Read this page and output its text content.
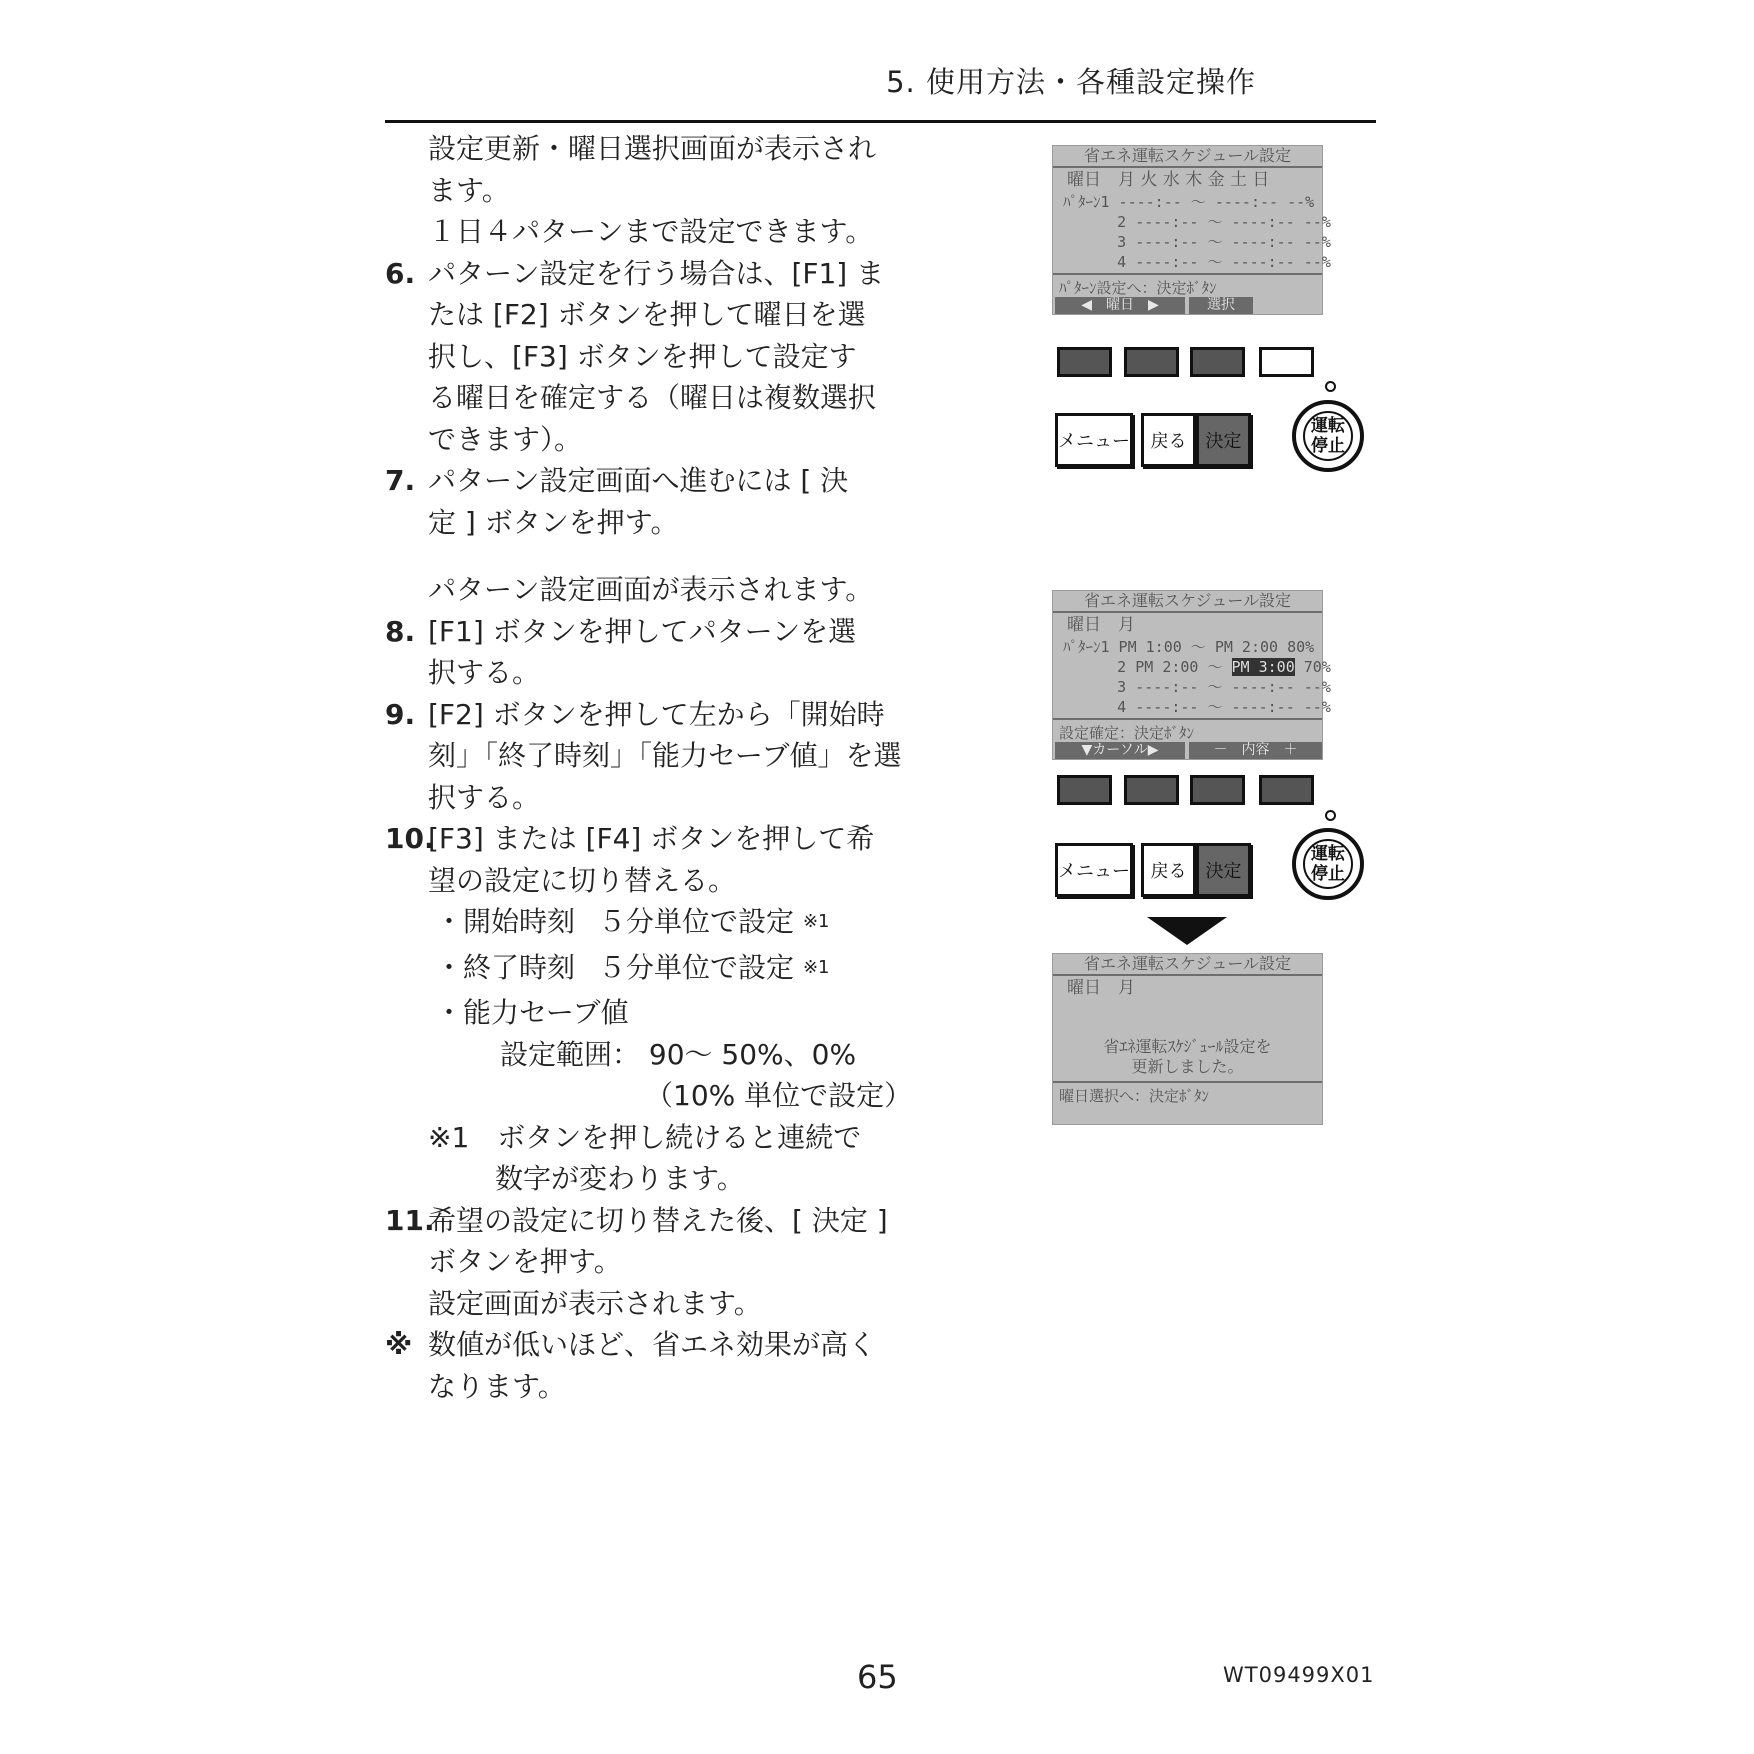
5. 使用方法・各種設定操作
設定更新・曜日選択画面が表示され
ます。
１日４パターンまで設定できます。
6. パターン設定を行う場合は、[F1] ま
たは [F2] ボタンを押して曜日を選
択し、[F3] ボタンを押して設定す
る曜日を確定する（曜日は複数選択
できます）。
7. パターン設定画面へ進むには [ 決
定 ] ボタンを押す。
パターン設定画面が表示されます。
8. [F1] ボタンを押してパターンを選
択する。
9. [F2] ボタンを押して左から「開始時
刻」「終了時刻」「能力セーブ値」を選
択する。
10.[F3] または [F4] ボタンを押して希
望の設定に切り替える。
・開始時刻 ５分単位で設定 $^{※1}$
・終了時刻 ５分単位で設定 $^{※1}$
・能力セーブ値
設定範囲： 90～ 50%、0%
（10% 単位で設定）
※1　ボタンを押し続けると連続で
数字が変わります。
11.希望の設定に切り替えた後、[ 決定 ]
ボタンを押す。
設定画面が表示されます。
※ 数値が低いほど、省エネ効果が高く
なります。
省エネ運転スケジュール設定
曜日　月 火 水 木 金 土 日
ﾊﾟﾀｰﾝ1 ----:-- ～ ----:-- --%
2 ----:-- ～ ----:-- --%
3 ----:-- ～ ----:-- --%
4 ----:-- ～ ----:-- --%
ﾊﾟﾀｰﾝ設定へ：決定ﾎﾞﾀﾝ
◀　曜日　▶	選択
メニュー	戻る	決定
運転
停止
省エネ運転スケジュール設定
曜日　月
ﾊﾟﾀｰﾝ1 PM 1:00 ～ PM 2:00 80%
2 PM 2:00 ～ PM 3:00 70%
3 ----:-- ～ ----:-- --%
4 ----:-- ～ ----:-- --%
設定確定：決定ﾎﾞﾀﾝ
▼カーソル▶	－　内容　＋
メニュー	戻る	決定
運転
停止
省エネ運転スケジュール設定
曜日　月
省ｴﾈ運転ｽｹｼﾞｭｰﾙ設定を
更新しました。
曜日選択へ：決定ﾎﾞﾀﾝ
65	WT09499X01
